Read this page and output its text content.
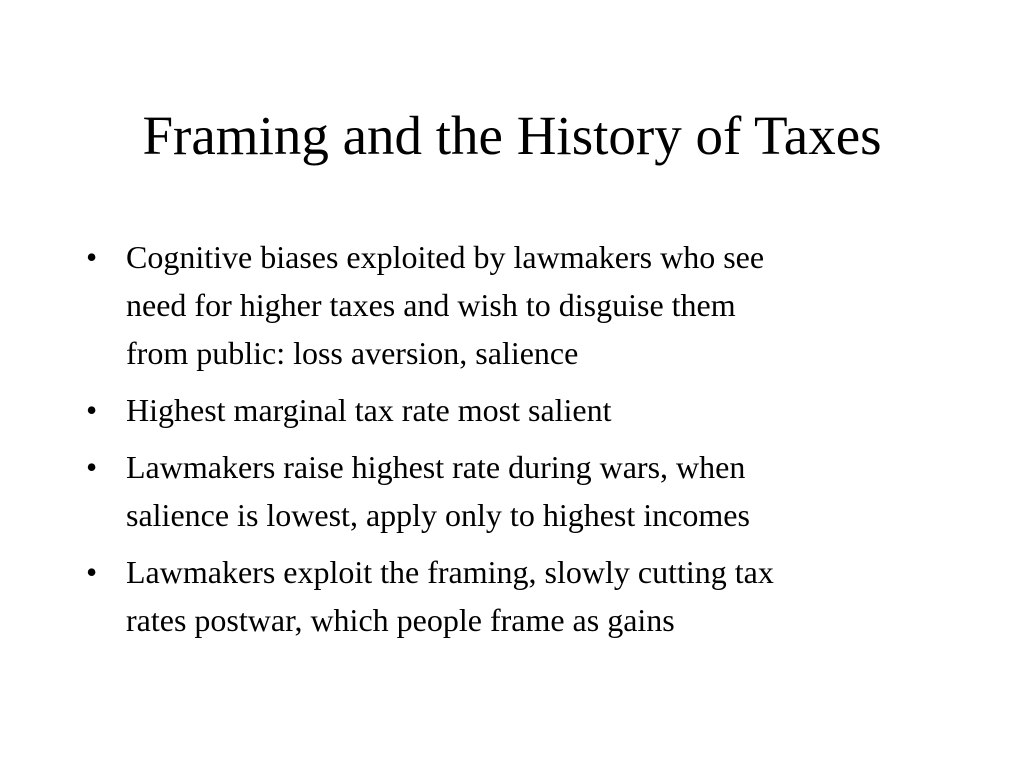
Framing and the History of Taxes
• Cognitive biases exploited by lawmakers who see
need for higher taxes and wish to disguise them
from public: loss aversion, salience
• Highest marginal tax rate most salient
• Lawmakers raise highest rate during wars, when
salience is lowest, apply only to highest incomes
• Lawmakers exploit the framing, slowly cutting tax
rates postwar, which people frame as gains
